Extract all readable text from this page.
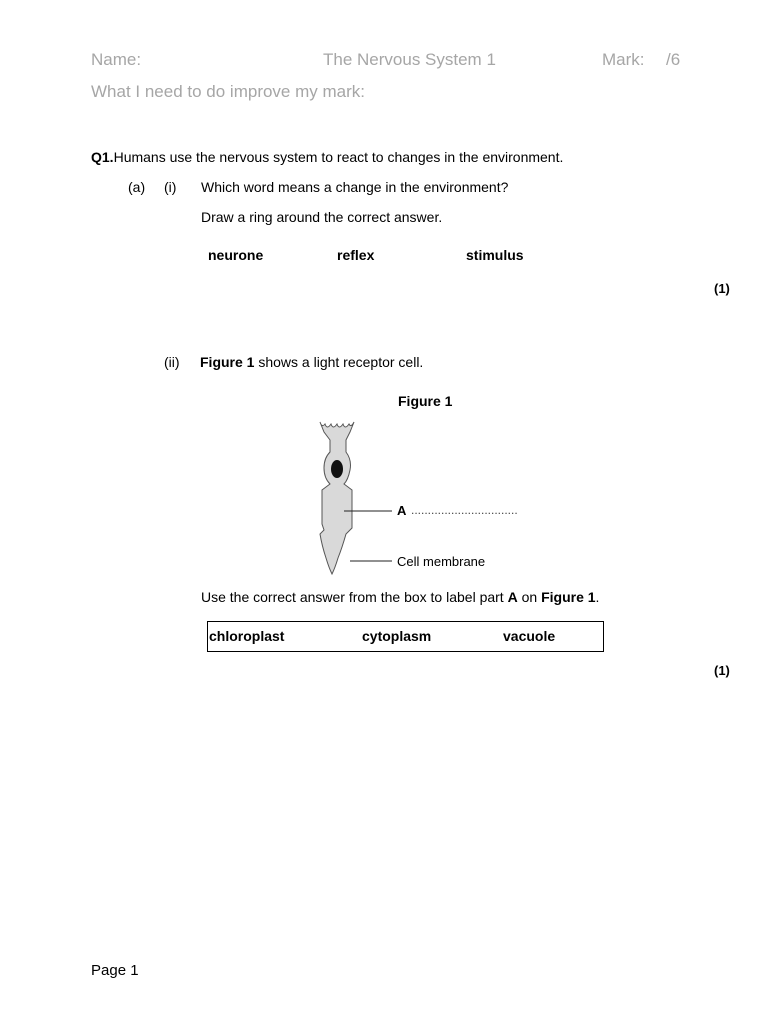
Name:	The Nervous System 1	Mark: /6
What I need to do improve my mark:
Q1.Humans use the nervous system to react to changes in the environment.
(a) (i) Which word means a change in the environment?
Draw a ring around the correct answer.
neurone	reflex	stimulus
(1)
(ii) Figure 1 shows a light receptor cell.
Figure 1
A ................................
Cell membrane
Use the correct answer from the box to label part A on Figure 1.
chloroplast	cytoplasm	vacuole
(1)
Page 1
